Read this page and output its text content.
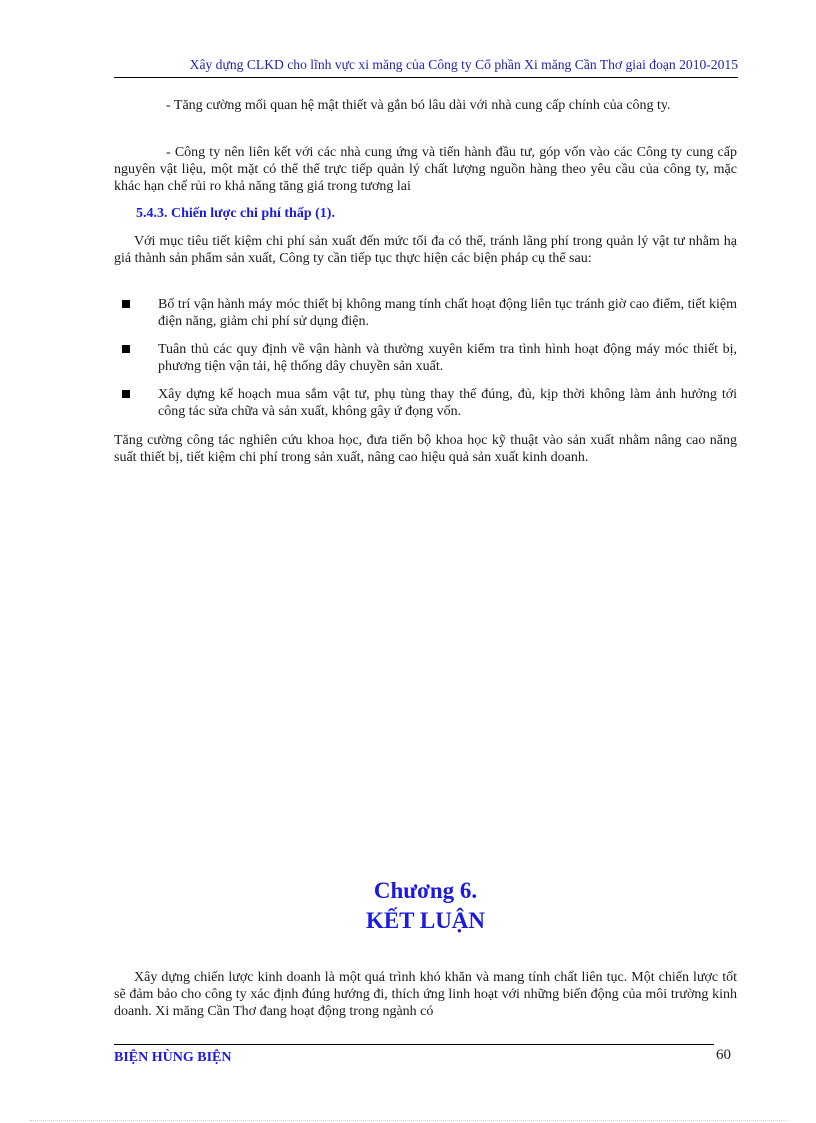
Xây dựng CLKD cho lĩnh vực xi măng của Công ty Cổ phần Xi măng Cần Thơ giai đoạn 2010-2015

- Tăng cường mối quan hệ mật thiết và gắn bó lâu dài với nhà cung cấp chính của công ty.

- Công ty nên liên kết với các nhà cung ứng và tiến hành đầu tư, góp vốn vào các Công ty cung cấp nguyên vật liệu, một mặt có thể thể trực tiếp quản lý chất lượng nguồn hàng theo yêu cầu của công ty, mặc khác hạn chế rủi ro khả năng tăng giá trong tương lai

5.4.3. Chiến lược chi phí thấp (1).

Với mục tiêu tiết kiệm chi phí sản xuất đến mức tối đa có thể, tránh lãng phí trong quản lý vật tư nhằm hạ giá thành sản phẩm sản xuất, Công ty cần tiếp tục thực hiện các biện pháp cụ thể sau:

Bố trí vận hành máy móc thiết bị không mang tính chất hoạt động liên tục tránh giờ cao điểm, tiết kiệm điện năng, giảm chi phí sử dụng điện.
Tuân thủ các quy định về vận hành và thường xuyên kiểm tra tình hình hoạt động máy móc thiết bị, phương tiện vận tải, hệ thống dây chuyền sản xuất.
Xây dựng kế hoạch mua sắm vật tư, phụ tùng thay thế đúng, đủ, kịp thời không làm ảnh hưởng tới công tác sửa chữa và sản xuất, không gây ứ đọng vốn.

Tăng cường công tác nghiên cứu khoa học, đưa tiến bộ khoa học kỹ thuật vào sản xuất nhằm nâng cao năng suất thiết bị, tiết kiệm chi phí trong sản xuất, nâng cao hiệu quả sản xuất kinh doanh.

Chương 6.
KẾT LUẬN

Xây dựng chiến lược kinh doanh là một quá trình khó khăn và mang tính chất liên tục. Một chiến lược tốt sẽ đảm bảo cho công ty xác định đúng hướng đi, thích ứng linh hoạt với những biến động của môi trường kinh doanh. Xi măng Cần Thơ đang hoạt động trong ngành có

BIỆN HÙNG BIỆN	60
